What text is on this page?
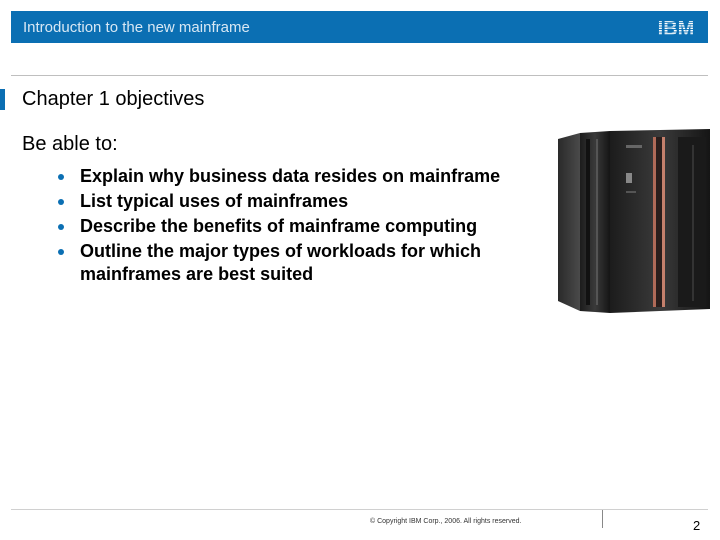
Introduction to the new mainframe	IBM
Chapter 1 objectives
Be able to:
Explain why business data resides on mainframe
List typical uses of mainframes
Describe the benefits of mainframe computing
Outline the major types of workloads for which mainframes are best suited
© Copyright IBM Corp., 2006. All rights reserved.	2
